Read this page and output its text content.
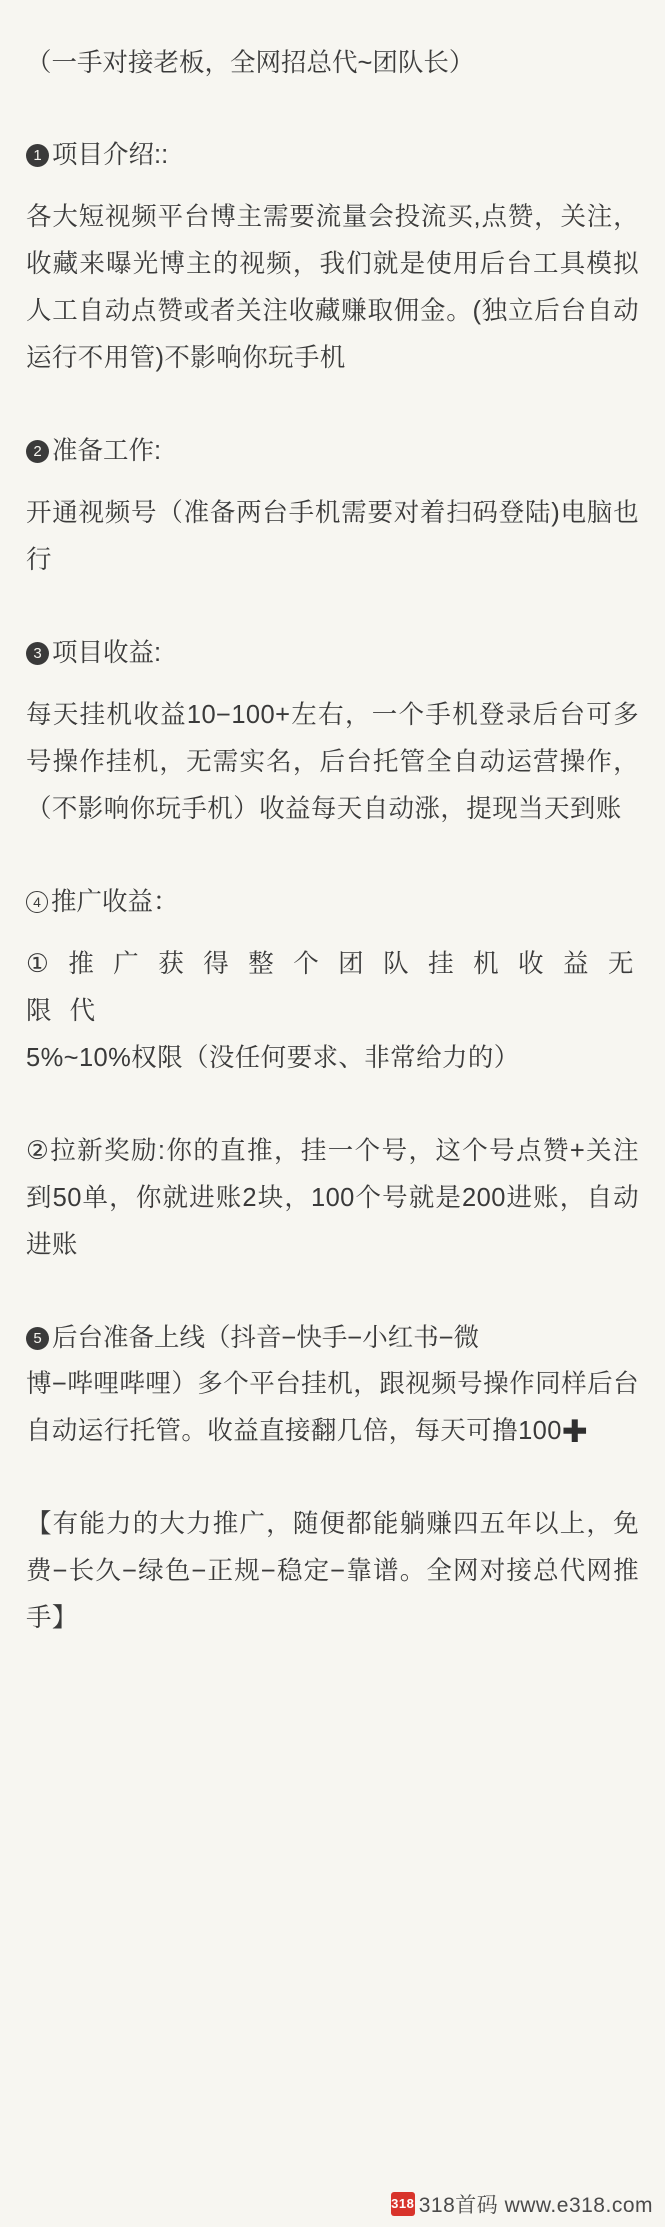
（一手对接老板，全网招总代~团队长）
1 项目介绍::

各大短视频平台博主需要流量会投流买,点赞，关注，收藏来曝光博主的视频，我们就是使用后台工具模拟人工自动点赞或者关注收藏赚取佣金。(独立后台自动运行不用管)不影响你玩手机

2 准备工作:

开通视频号（准备两台手机需要对着扫码登陆)电脑也行

3 项目收益:

每天挂机收益10−100+左右，一个手机登录后台可多号操作挂机，无需实名，后台托管全自动运营操作，（不影响你玩手机）收益每天自动涨，提现当天到账

4 推广收益：

① 推 广 获 得 整 个 团 队 挂 机 收 益 无 限 代

5%~10%权限（没任何要求、非常给力的）

②拉新奖励:你的直推，挂一个号，这个号点赞+关注到50单，你就进账2块，100个号就是200进账，自动进账

5 后台准备上线（抖音−快手−小红书−微

博−哔哩哔哩）多个平台挂机，跟视频号操作同样后台自动运行托管。收益直接翻几倍，每天可撸100✚

【有能力的大力推广，随便都能躺赚四五年以上，免费−长久−绿色−正规−稳定−靠谱。全网对接总代网推手】

318 318首码 www.e318.com
